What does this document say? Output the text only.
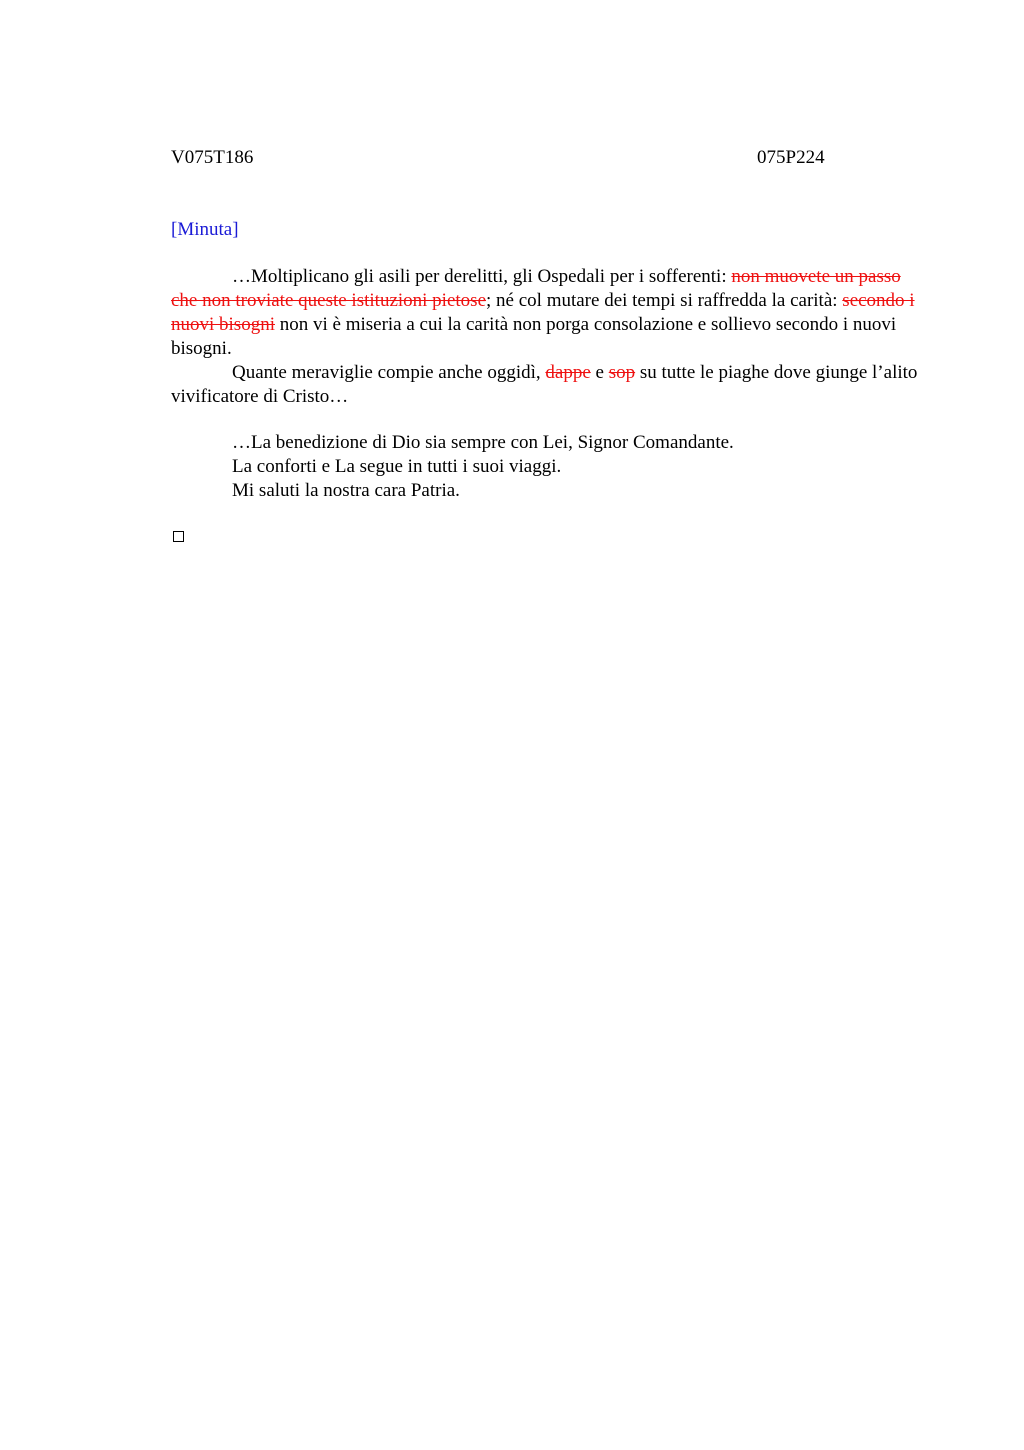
V075T186	075P224
[Minuta]

…Moltiplicano gli asili per derelitti, gli Ospedali per i sofferenti: non muovete un passo che non troviate queste istituzioni pietose; né col mutare dei tempi si raffredda la carità: secondo i nuovi bisogni non vi è miseria a cui la carità non porga consolazione e sollievo secondo i nuovi bisogni.

Quante meraviglie compie anche oggidì, dappe e sop su tutte le piaghe dove giunge l’alito vivificatore di Cristo…

…La benedizione di Dio sia sempre con Lei, Signor Comandante.

La conforti e La segue in tutti i suoi viaggi.

Mi saluti la nostra cara Patria.
